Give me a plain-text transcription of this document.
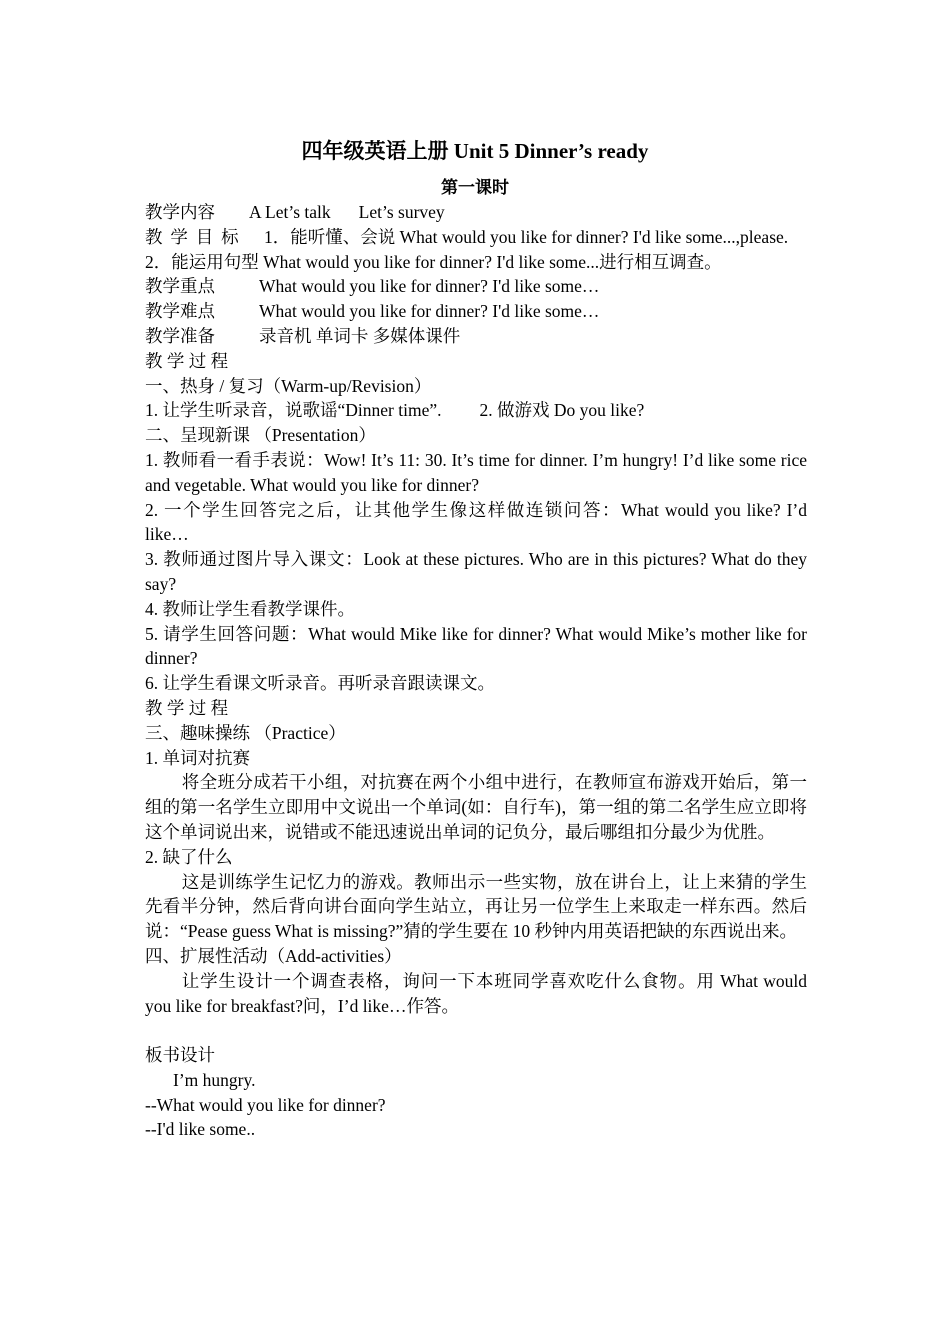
四年级英语上册 Unit 5 Dinner’s ready
第一课时
教学内容 A Let’s talk Let’s survey
教学目标 1．能听懂、会说 What would you like for dinner? I'd like some...,please.
2．能运用句型 What would you like for dinner? I'd like some...进行相互调查。
教学重点	What would you like for dinner? I'd like some…
教学难点	What would you like for dinner? I'd like some…
教学准备	录音机 单词卡 多媒体课件
教 学 过 程
一、热身 / 复习（Warm-up/Revision）
1. 让学生听录音，说歌谣“Dinner time”. 2. 做游戏 Do you like?
二、呈现新课 （Presentation）
1. 教师看一看手表说：Wow! It’s 11: 30. It’s time for dinner. I’m hungry! I’d like some rice and vegetable. What would you like for dinner?
2. 一个学生回答完之后，让其他学生像这样做连锁问答：What would you like? I’d like…
3. 教师通过图片导入课文：Look at these pictures. Who are in this pictures? What do they say?
4. 教师让学生看教学课件。
5. 请学生回答问题：What would Mike like for dinner? What would Mike’s mother like for dinner?
6. 让学生看课文听录音。再听录音跟读课文。
教 学 过 程
三、趣味操练 （Practice）
1. 单词对抗赛
将全班分成若干小组，对抗赛在两个小组中进行，在教师宣布游戏开始后，第一组的第一名学生立即用中文说出一个单词(如：自行车)，第一组的第二名学生应立即将这个单词说出来，说错或不能迅速说出单词的记负分，最后哪组扣分最少为优胜。
2. 缺了什么
这是训练学生记忆力的游戏。教师出示一些实物，放在讲台上，让上来猜的学生先看半分钟，然后背向讲台面向学生站立，再让另一位学生上来取走一样东西。然后说：“Pease guess What is missing?”猜的学生要在 10 秒钟内用英语把缺的东西说出来。
四、扩展性活动（Add-activities）
让学生设计一个调查表格，询问一下本班同学喜欢吃什么食物。用 What would you like for breakfast?问，I’d like…作答。
板书设计
I’m hungry.
--What would you like for dinner?
--I'd like some..
